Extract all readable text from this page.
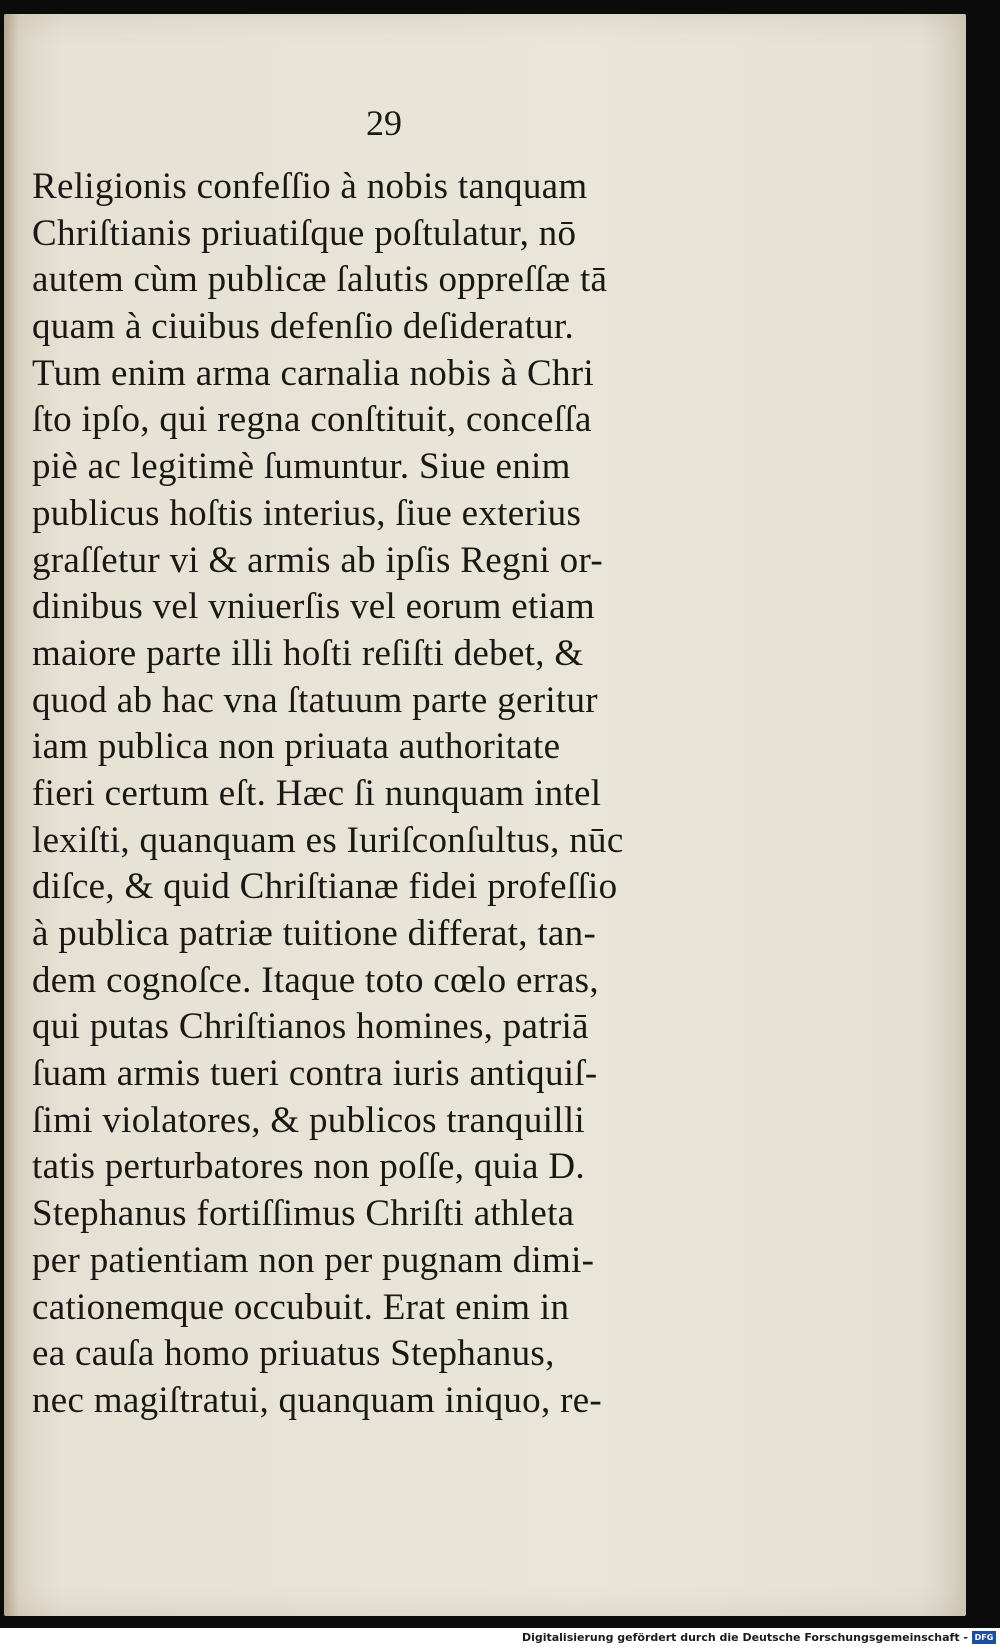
29
Religionis confeſſio à nobis tanquam
Chriſtianis priuatiſque poſtulatur, nō
autem cùm publicæ ſalutis oppreſſæ tā
quam à ciuibus defenſio deſideratur.
Tum enim arma carnalia nobis à Chri
ſto ipſo, qui regna conſtituit, conceſſa
piè ac legitimè ſumuntur. Siue enim
publicus hoſtis interius, ſiue exterius
graſſetur vi & armis ab ipſis Regni or-
dinibus vel vniuerſis vel eorum etiam
maiore parte illi hoſti reſiſti debet, &
quod ab hac vna ſtatuum parte geritur
iam publica non priuata authoritate
fieri certum eſt. Hæc ſi nunquam intel
lexiſti, quanquam es Iuriſconſultus, nūc
diſce, & quid Chriſtianæ fidei profeſſio
à publica patriæ tuitione differat, tan-
dem cognoſce. Itaque toto cœlo erras,
qui putas Chriſtianos homines, patriā
ſuam armis tueri contra iuris antiquiſ-
ſimi violatores, & publicos tranquilli
tatis perturbatores non poſſe, quia D.
Stephanus fortiſſimus Chriſti athleta
per patientiam non per pugnam dimi-
cationemque occubuit. Erat enim in
ea cauſa homo priuatus Stephanus,
nec magiſtratui, quanquam iniquo, re-
Digitalisierung gefördert durch die Deutsche Forschungsgemeinschaft - DFG
